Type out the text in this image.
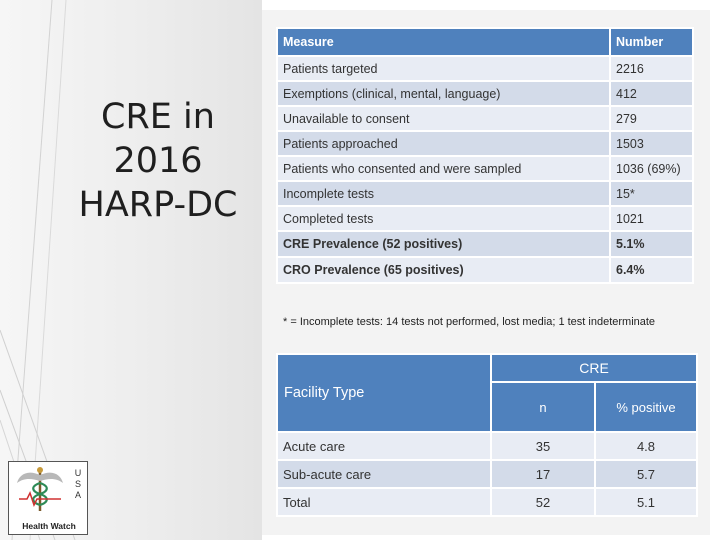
CRE in
2016
HARP-DC
U
S
A
Health Watch
Measure	Number
Patients targeted	2216
Exemptions (clinical, mental, language)	412
Unavailable to consent	279
Patients approached	1503
Patients who consented and were sampled	1036 (69%)
Incomplete tests	15*
Completed tests	1021
CRE Prevalence (52 positives)	5.1%
CRO Prevalence (65 positives)	6.4%
* = Incomplete tests: 14 tests not performed, lost media; 1 test indeterminate
Facility Type	CRE	
	n	% positive
Acute care	35	4.8
Sub-acute care	17	5.7
Total	52	5.1
